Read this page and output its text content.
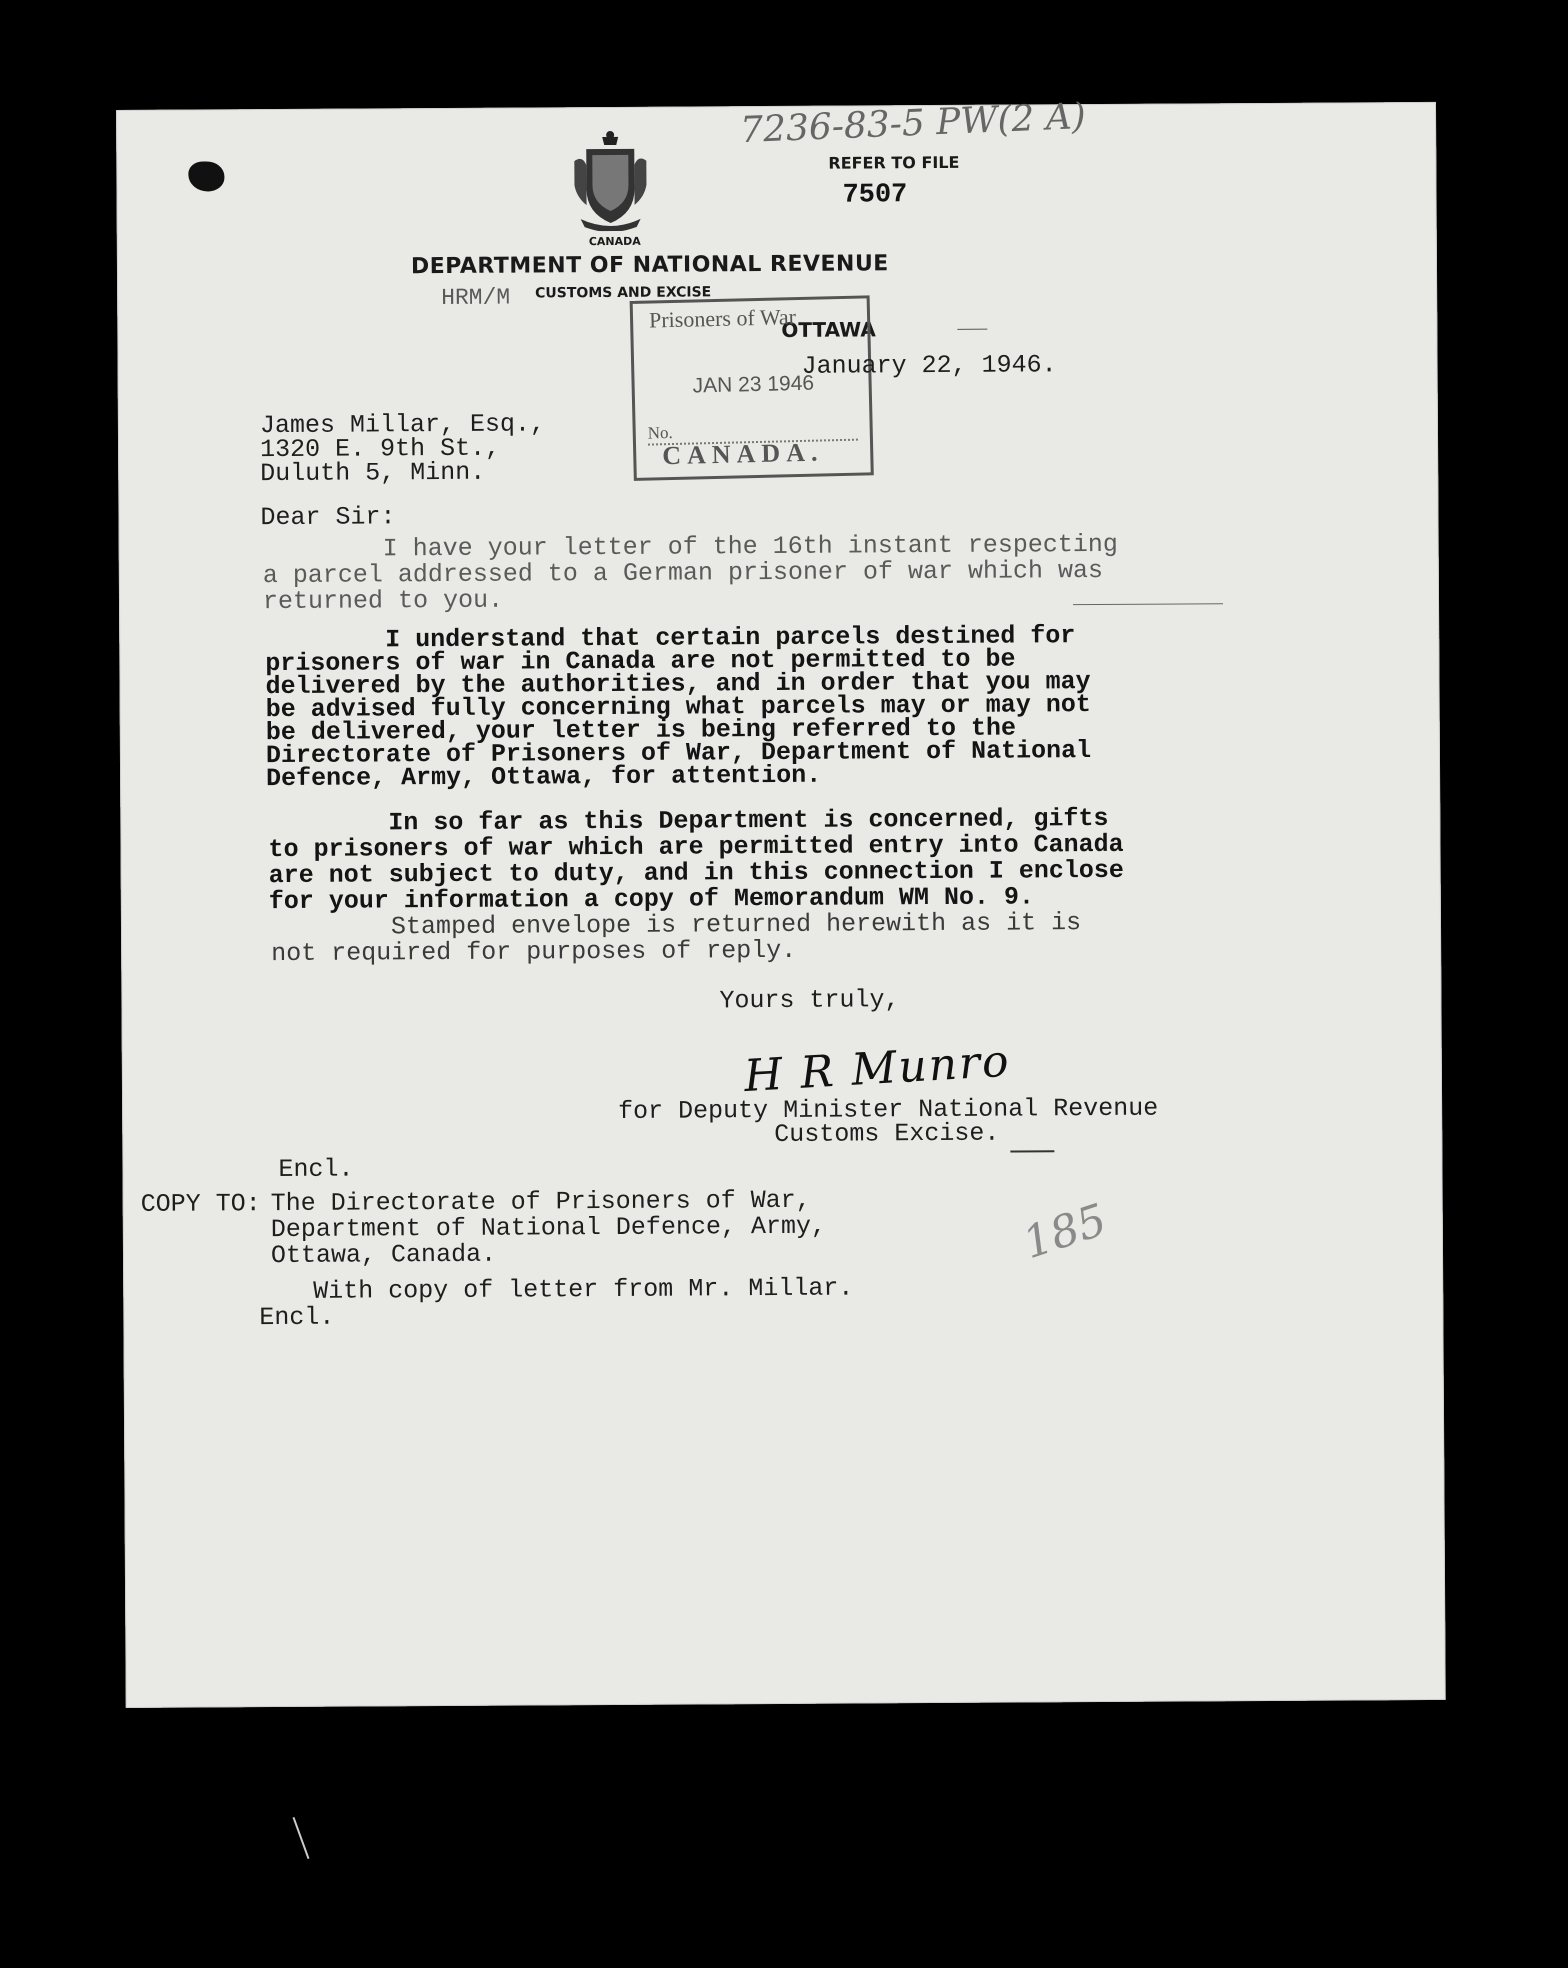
7236-83-5 PW(2 A)
CANADA
DEPARTMENT OF NATIONAL REVENUE
HRM/M CUSTOMS AND EXCISE
REFER TO FILE
7507
OTTAWA
Prisoners of War
JAN 23 1946
No.
CANADA.
January 22, 1946.
James Millar, Esq.,
1320 E. 9th St.,
Duluth 5, Minn.
Dear Sir:
I have your letter of the 16th instant respecting
a parcel addressed to a German prisoner of war which was
returned to you.
I understand that certain parcels destined for
prisoners of war in Canada are not permitted to be
delivered by the authorities, and in order that you may
be advised fully concerning what parcels may or may not
be delivered, your letter is being referred to the
Directorate of Prisoners of War, Department of National
Defence, Army, Ottawa, for attention.
In so far as this Department is concerned, gifts
to prisoners of war which are permitted entry into Canada
are not subject to duty, and in this connection I enclose
for your information a copy of Memorandum WM No. 9.
Stamped envelope is returned herewith as it is
not required for purposes of reply.
Yours truly,
H R Munro
for Deputy Minister National Revenue
Customs Excise.
Encl.
COPY TO: The Directorate of Prisoners of War,
Department of National Defence, Army,
Ottawa, Canada.
With copy of letter from Mr. Millar.
Encl.
185
